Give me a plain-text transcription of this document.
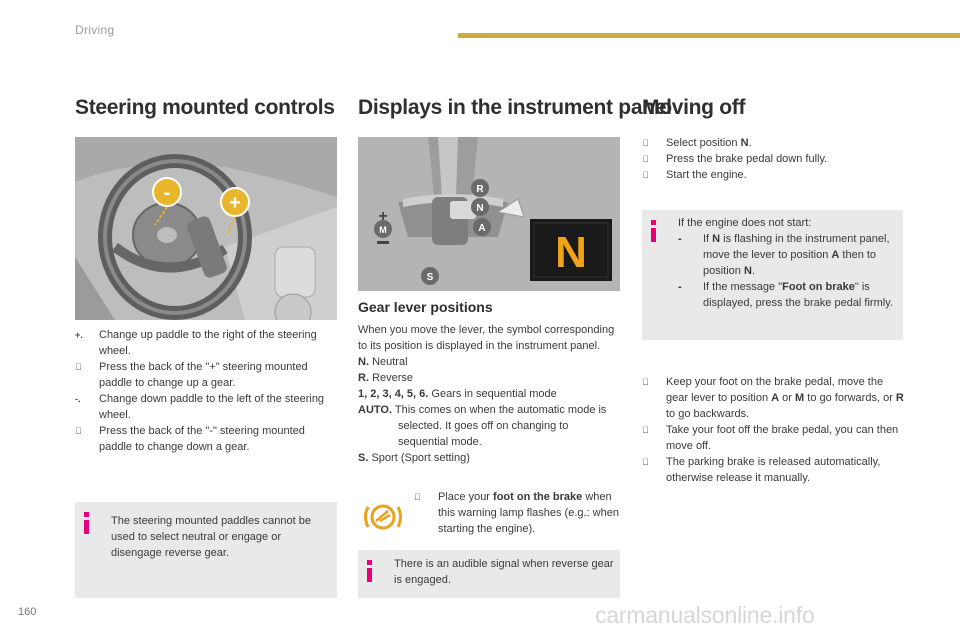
Driving
Steering mounted controls
-	+
+. Change up paddle to the right of the steering wheel.
Press the back of the "+" steering mounted paddle to change up a gear.
-. Change down paddle to the left of the steering wheel.
Press the back of the "-" steering mounted paddle to change down a gear.
The steering mounted paddles cannot be used to select neutral or engage or disengage reverse gear.
Displays in the instrument panel
R
N
A
M
+
S
N
Gear lever positions
When you move the lever, the symbol corresponding to its position is displayed in the instrument panel.
N. Neutral
R. Reverse
1, 2, 3, 4, 5, 6. Gears in sequential mode
AUTO. This comes on when the automatic mode is selected. It goes off on changing to sequential mode.
S. Sport (Sport setting)
Place your foot on the brake when this warning lamp flashes (e.g.: when starting the engine).
There is an audible signal when reverse gear is engaged.
Moving off
Select position N.
Press the brake pedal down fully.
Start the engine.
If the engine does not start:
- If N is flashing in the instrument panel, move the lever to position A then to position N.
- If the message "Foot on brake" is displayed, press the brake pedal firmly.
Keep your foot on the brake pedal, move the gear lever to position A or M to go forwards, or R to go backwards.
Take your foot off the brake pedal, you can then move off.
The parking brake is released automatically, otherwise release it manually.
160	carmanualsonline.info
